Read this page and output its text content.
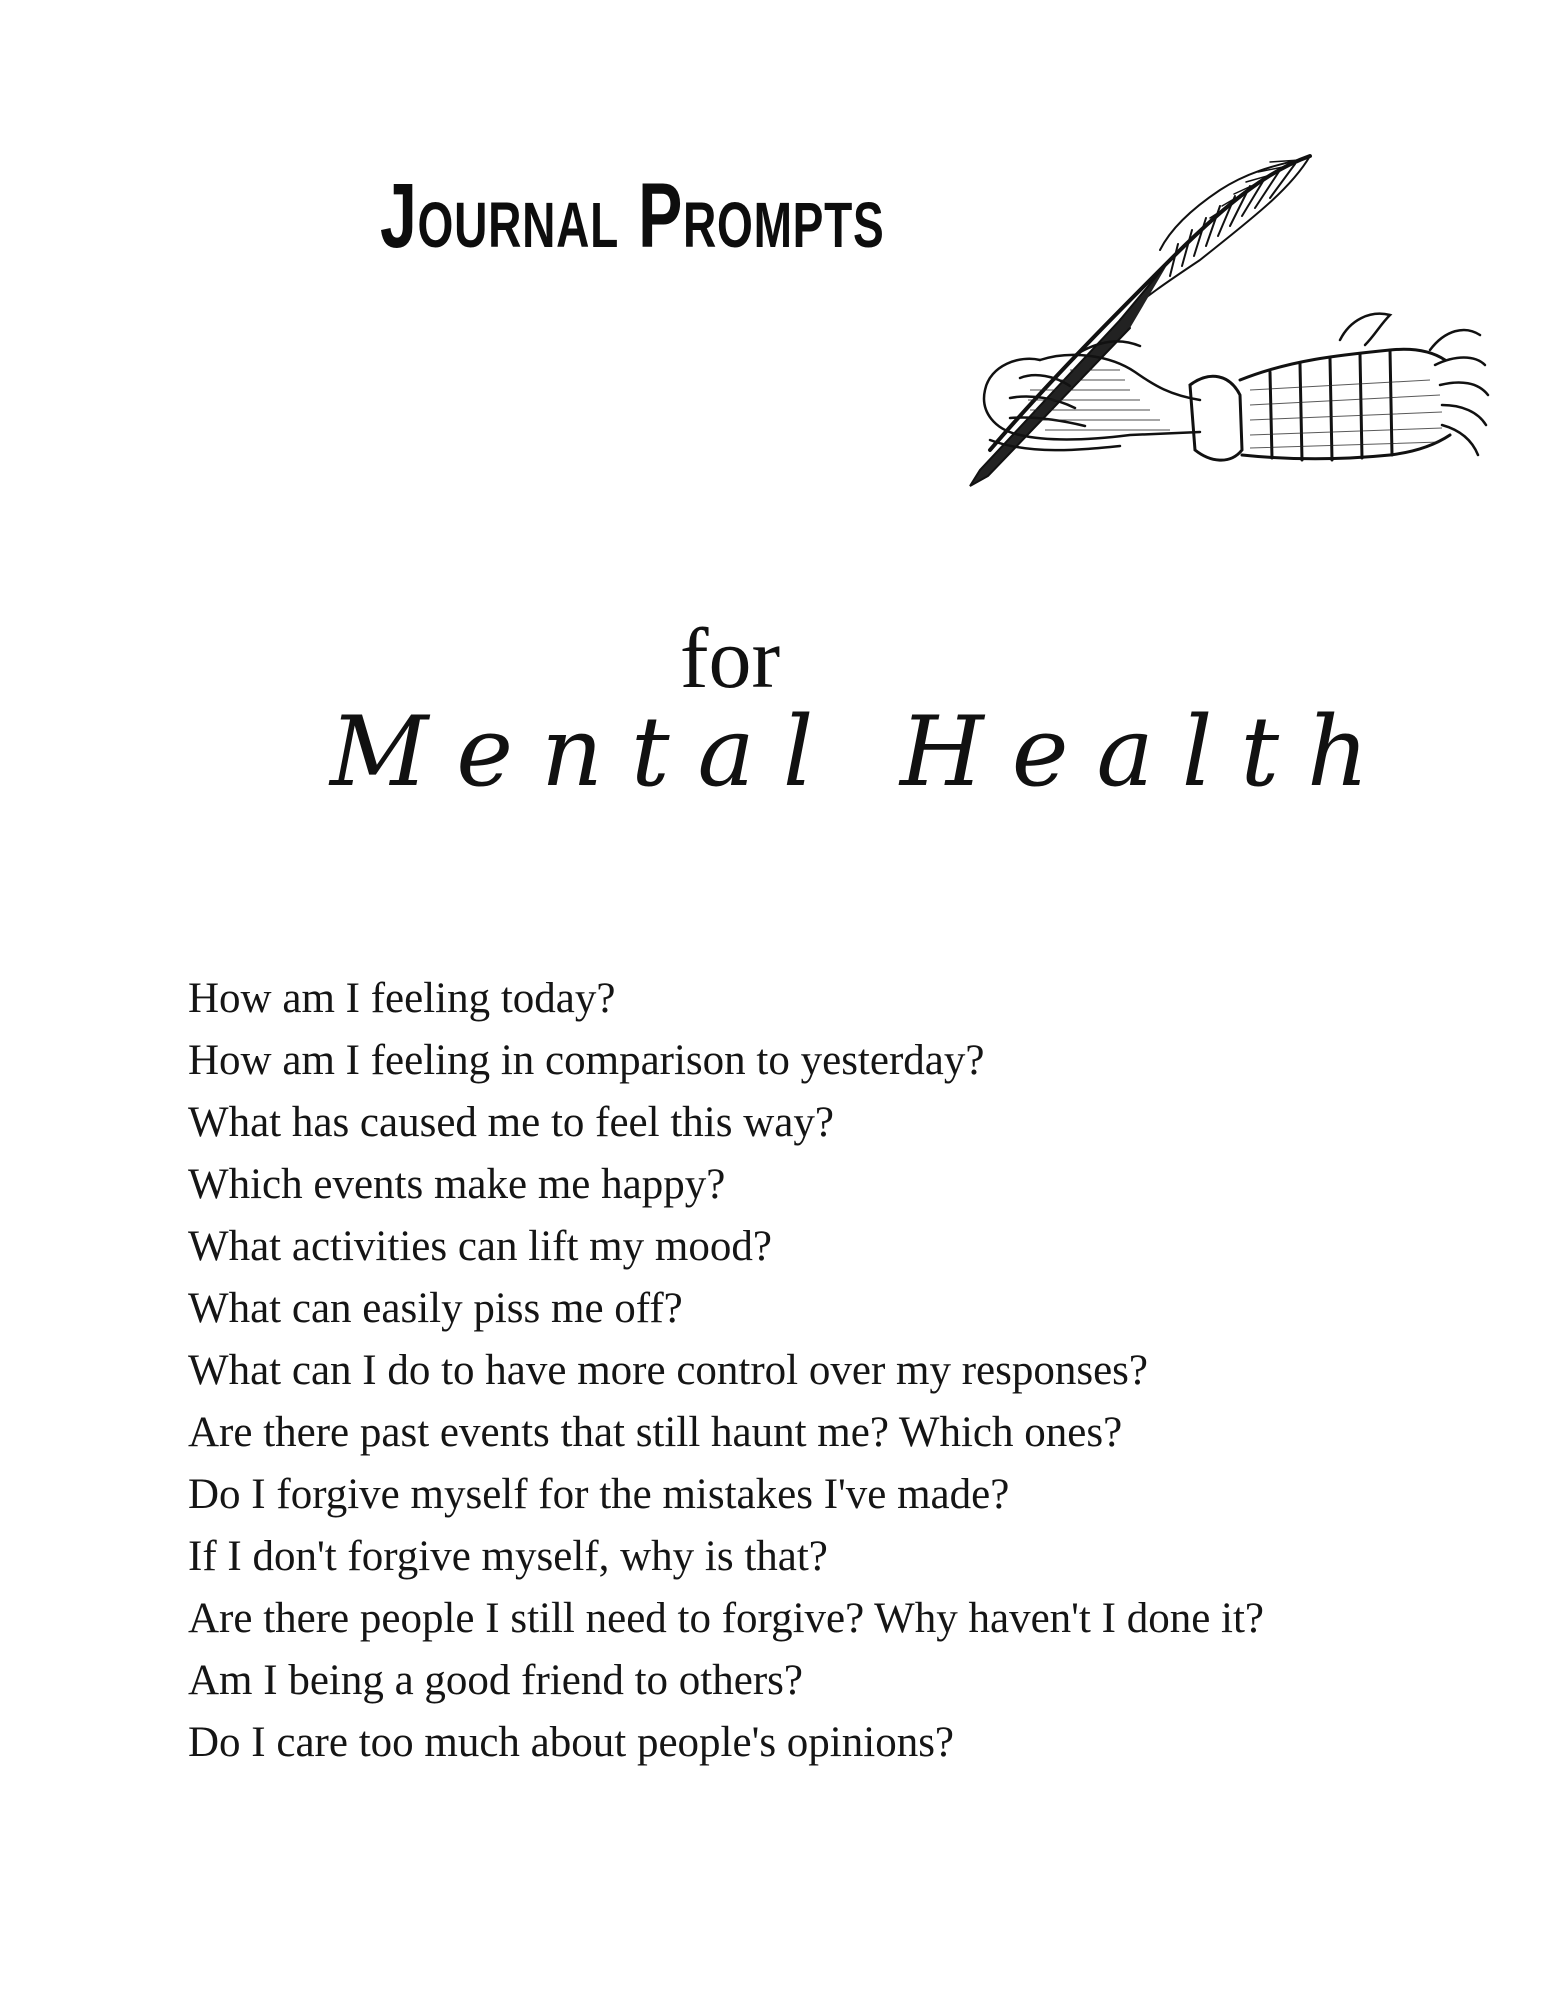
Journal Prompts
for
Mental Health
How am I feeling today?
How am I feeling in comparison to yesterday?
What has caused me to feel this way?
Which events make me happy?
What activities can lift my mood?
What can easily piss me off?
What can I do to have more control over my responses?
Are there past events that still haunt me? Which ones?
Do I forgive myself for the mistakes I've made?
If I don't forgive myself, why is that?
Are there people I still need to forgive? Why haven't I done it?
Am I being a good friend to others?
Do I care too much about people's opinions?
